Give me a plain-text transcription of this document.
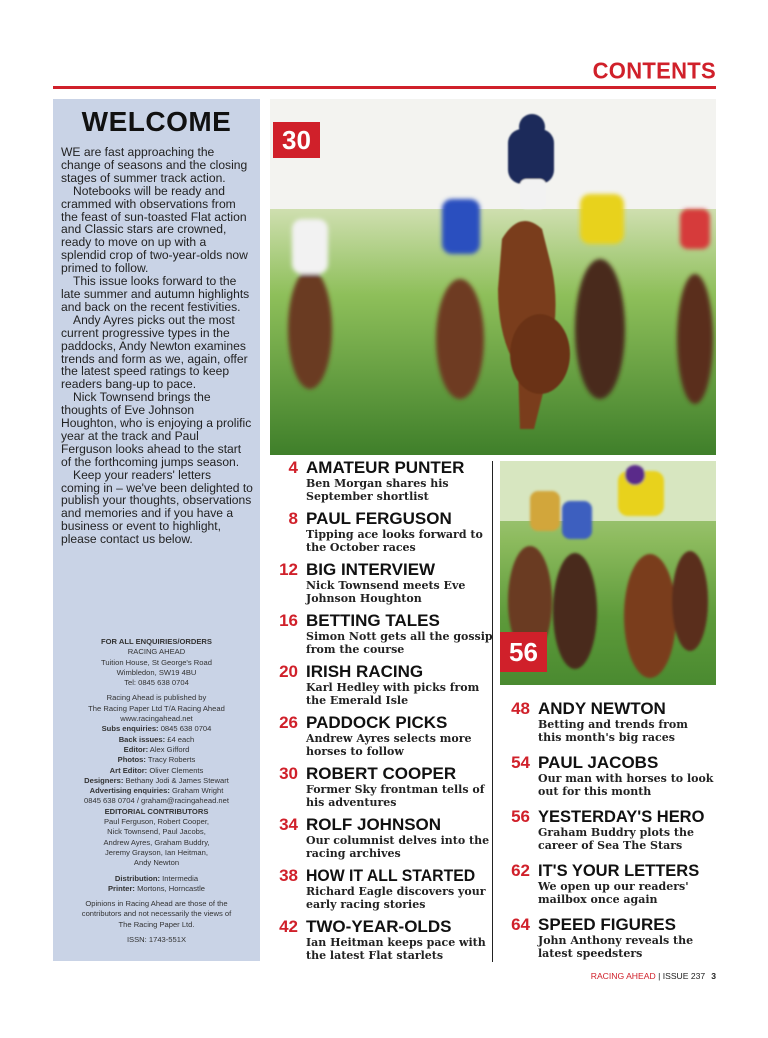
CONTENTS
WELCOME

WE are fast approaching the change of seasons and the closing stages of summer track action.

Notebooks will be ready and crammed with observations from the feast of sun-toasted Flat action and Classic stars are crowned, ready to move on up with a splendid crop of two-year-olds now primed to follow.

This issue looks forward to the late summer and autumn highlights and back on the recent festivities.

Andy Ayres picks out the most current progressive types in the paddocks, Andy Newton examines trends and form as we, again, offer the latest speed ratings to keep readers bang-up to pace.

Nick Townsend brings the thoughts of Eve Johnson Houghton, who is enjoying a prolific year at the track and Paul Ferguson looks ahead to the start of the forthcoming jumps season.

Keep your readers' letters coming in – we've been delighted to publish your thoughts, observations and memories and if you have a business or event to highlight, please contact us below.

FOR ALL ENQUIRIES/ORDERS
RACING AHEAD
Tuition House, St George's Road
Wimbledon, SW19 4BU
Tel: 0845 638 0704
Racing Ahead is published by
The Racing Paper Ltd T/A Racing Ahead
www.racingahead.net
Subs enquiries: 0845 638 0704
Back issues: £4 each
Editor: Alex Gifford
Photos: Tracy Roberts
Art Editor: Oliver Clements
Designers: Bethany Jodi & James Stewart
Advertising enquiries: Graham Wright
0845 638 0704 / graham@racingahead.net
EDITORIAL CONTRIBUTORS
Paul Ferguson, Robert Cooper,
Nick Townsend, Paul Jacobs,
Andrew Ayres, Graham Buddry,
Jeremy Grayson, Ian Heitman,
Andy Newton
Distribution: Intermedia
Printer: Mortons, Horncastle
Opinions in Racing Ahead are those of the
contributors and not necessarily the views of
The Racing Paper Ltd.
ISSN: 1743-551X
30
56
4 AMATEUR PUNTER
Ben Morgan shares his September shortlist
8 PAUL FERGUSON
Tipping ace looks forward to the October races
12 BIG INTERVIEW
Nick Townsend meets Eve Johnson Houghton
16 BETTING TALES
Simon Nott gets all the gossip from the course
20 IRISH RACING
Karl Hedley with picks from the Emerald Isle
26 PADDOCK PICKS
Andrew Ayres selects more horses to follow
30 ROBERT COOPER
Former Sky frontman tells of his adventures
34 ROLF JOHNSON
Our columnist delves into the racing archives
38 HOW IT ALL STARTED
Richard Eagle discovers your early racing stories
42 TWO-YEAR-OLDS
Ian Heitman keeps pace with the latest Flat starlets
48 ANDY NEWTON
Betting and trends from this month's big races
54 PAUL JACOBS
Our man with horses to look out for this month
56 YESTERDAY'S HERO
Graham Buddry plots the career of Sea The Stars
62 IT'S YOUR LETTERS
We open up our readers' mailbox once again
64 SPEED FIGURES
John Anthony reveals the latest speedsters
RACING AHEAD | ISSUE 237 3
